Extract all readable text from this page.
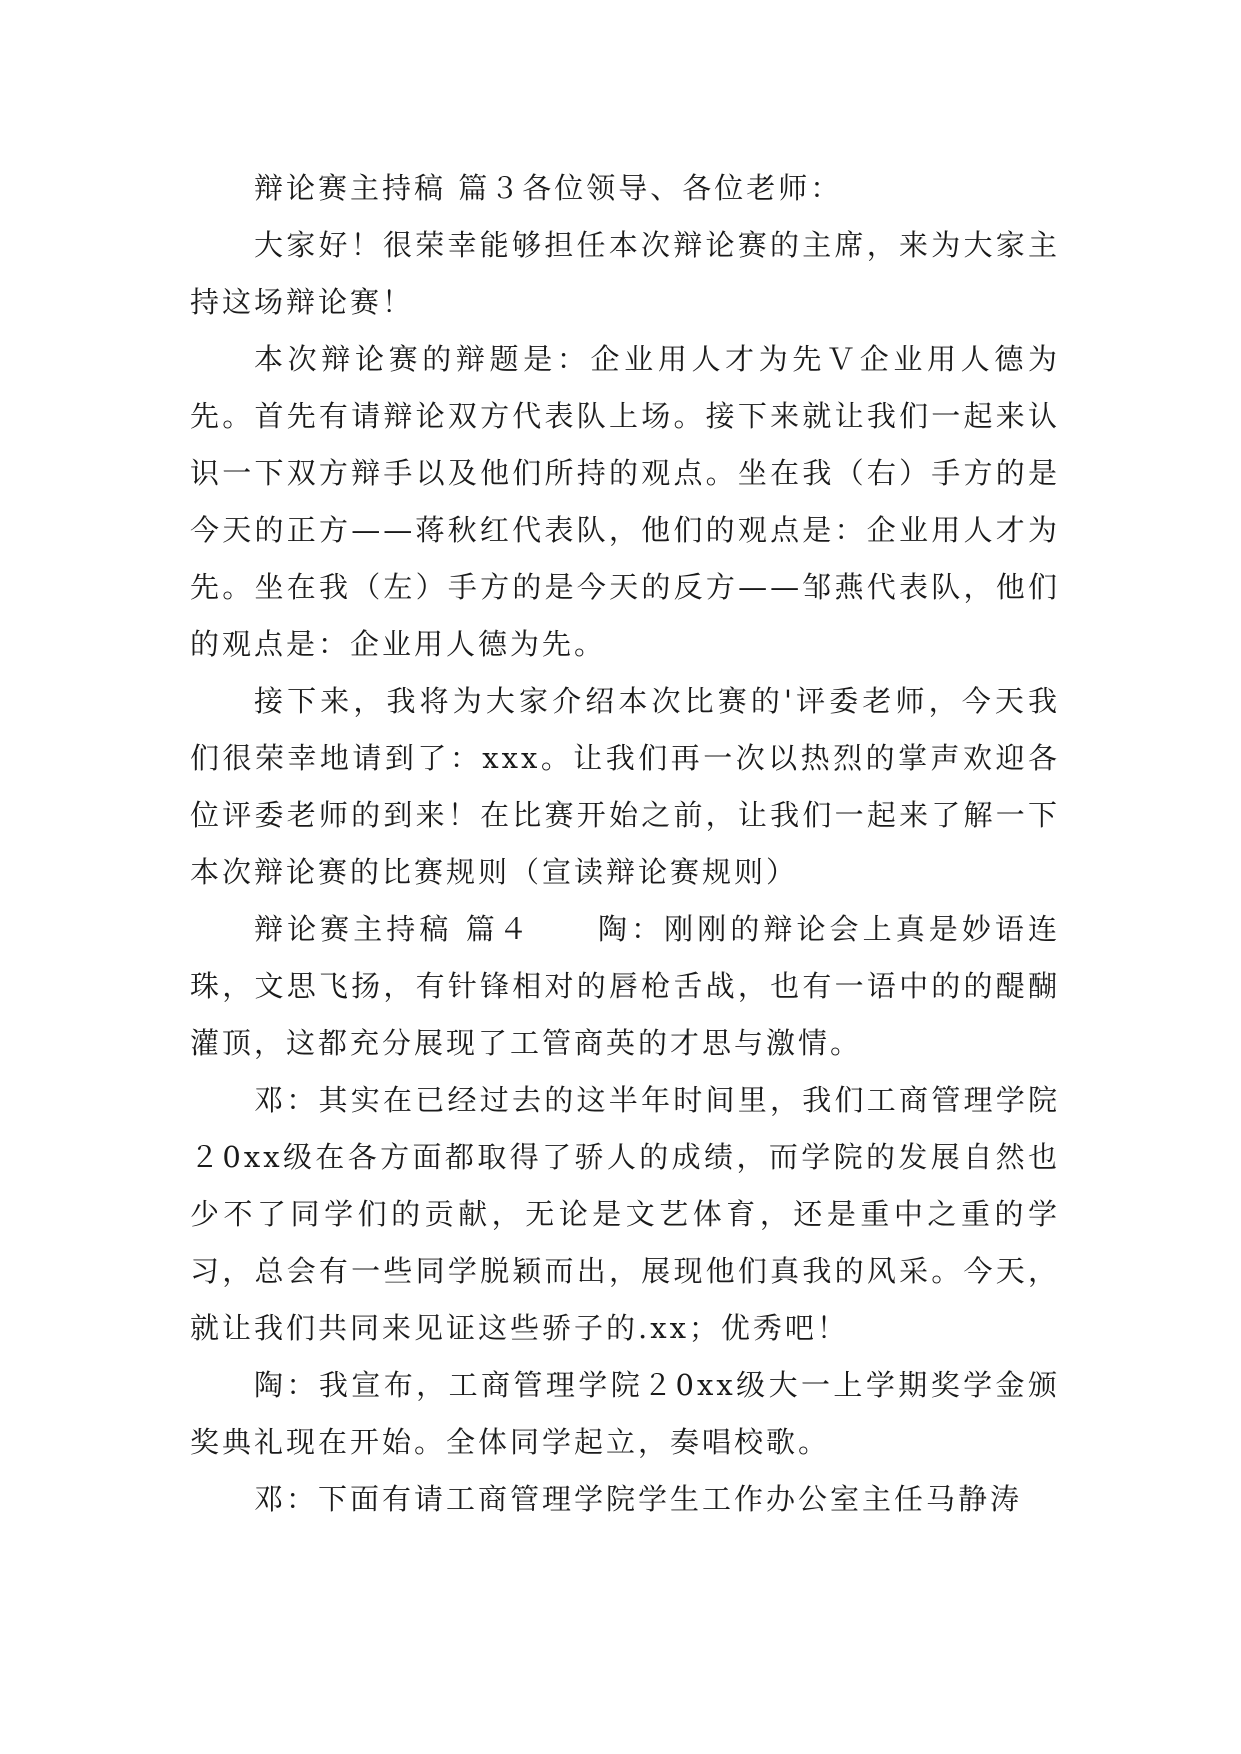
辩论赛主持稿 篇３各位领导、各位老师：

大家好！很荣幸能够担任本次辩论赛的主席，来为大家主持这场辩论赛！

本次辩论赛的辩题是：企业用人才为先Ｖ企业用人德为先。首先有请辩论双方代表队上场。接下来就让我们一起来认识一下双方辩手以及他们所持的观点。坐在我（右）手方的是今天的正方——蒋秋红代表队，他们的观点是：企业用人才为先。坐在我（左）手方的是今天的反方——邹燕代表队，他们的观点是：企业用人德为先。

接下来，我将为大家介绍本次比赛的'评委老师，今天我们很荣幸地请到了：xxx。让我们再一次以热烈的掌声欢迎各位评委老师的到来！在比赛开始之前，让我们一起来了解一下本次辩论赛的比赛规则（宣读辩论赛规则）

辩论赛主持稿 篇４　　陶：刚刚的辩论会上真是妙语连珠，文思飞扬，有针锋相对的唇枪舌战，也有一语中的的醍醐灌顶，这都充分展现了工管商英的才思与激情。

邓：其实在已经过去的这半年时间里，我们工商管理学院２0xx级在各方面都取得了骄人的成绩，而学院的发展自然也少不了同学们的贡献，无论是文艺体育，还是重中之重的学习，总会有一些同学脱颖而出，展现他们真我的风采。今天，就让我们共同来见证这些骄子的.xx；优秀吧！

陶：我宣布，工商管理学院２0xx级大一上学期奖学金颁奖典礼现在开始。全体同学起立，奏唱校歌。

邓：下面有请工商管理学院学生工作办公室主任马静涛
